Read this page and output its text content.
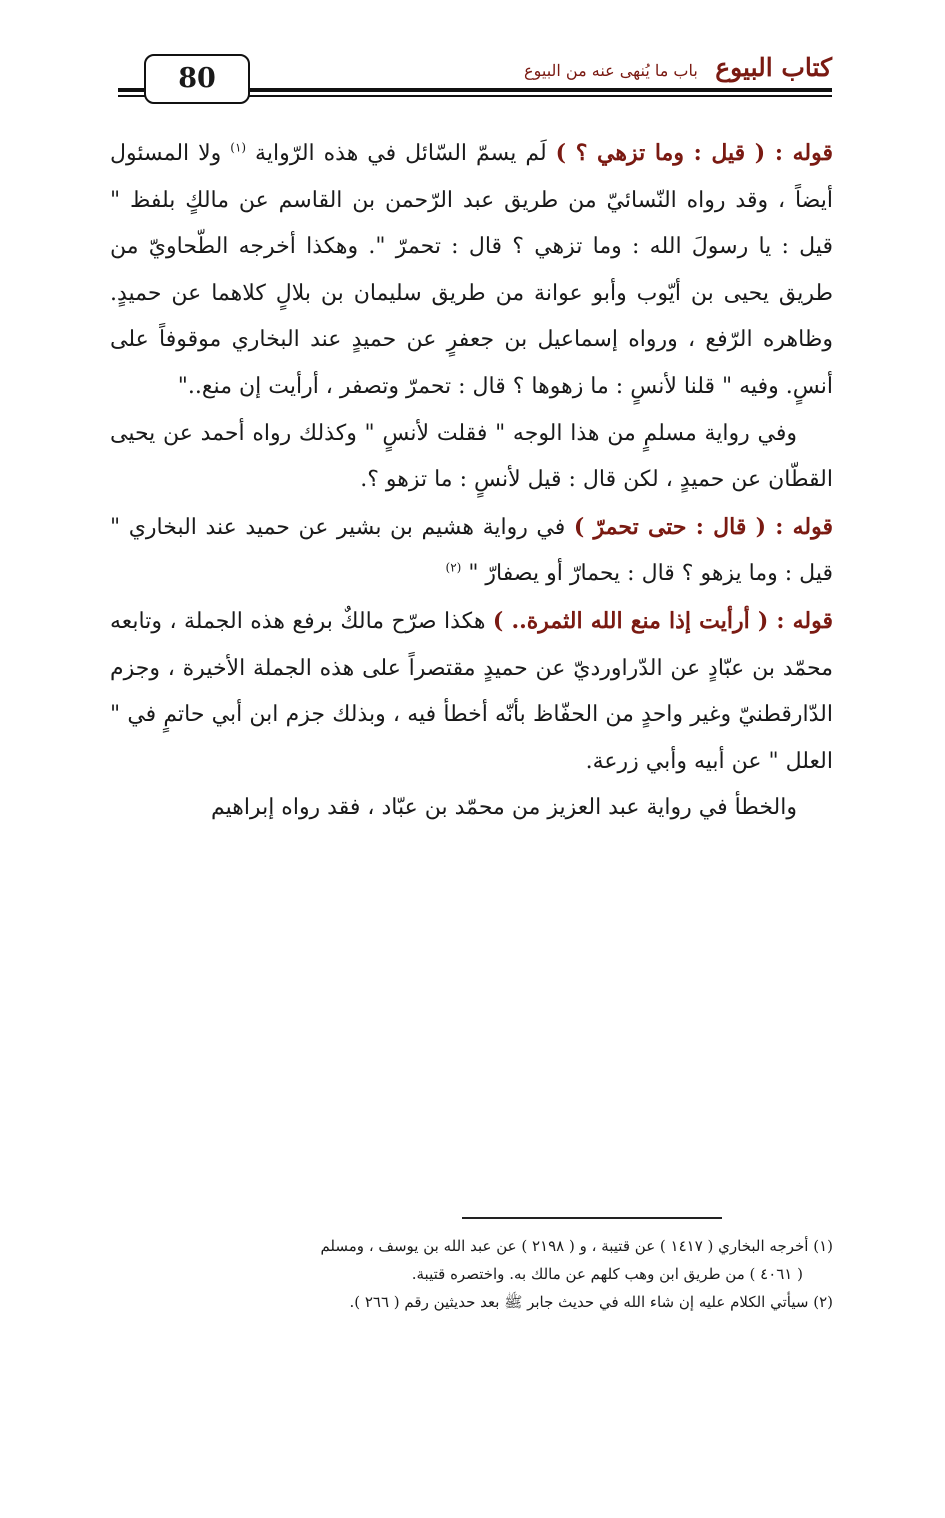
80	كتاب البيوع باب ما يُنهى عنه من البيوع

قوله : ( قيل : وما تزهي ؟ ) لَم يسمّ السّائل في هذه الرّواية $^{(١)}$ ولا المسئول أيضاً ، وقد رواه النّسائيّ من طريق عبد الرّحمن بن القاسم عن مالكٍ بلفظ " قيل : يا رسولَ الله : وما تزهي ؟ قال : تحمرّ ". وهكذا أخرجه الطّحاويّ من طريق يحيى بن أيّوب وأبو عوانة من طريق سليمان بن بلالٍ كلاهما عن حميدٍ. وظاهره الرّفع ، ورواه إسماعيل بن جعفرٍ عن حميدٍ عند البخاري موقوفاً على أنسٍ. وفيه " قلنا لأنسٍ : ما زهوها ؟ قال : تحمرّ وتصفر ، أرأيت إن منع.."

وفي رواية مسلمٍ من هذا الوجه " فقلت لأنسٍ " وكذلك رواه أحمد عن يحيى القطّان عن حميدٍ ، لكن قال : قيل لأنسٍ : ما تزهو ؟.

قوله : ( قال : حتى تحمرّ ) في رواية هشيم بن بشير عن حميد عند البخاري " قيل : وما يزهو ؟ قال : يحمارّ أو يصفارّ " $^{(٢)}$

قوله : ( أرأيت إذا منع الله الثمرة.. ) هكذا صرّح مالكٌ برفع هذه الجملة ، وتابعه محمّد بن عبّادٍ عن الدّراورديّ عن حميدٍ مقتصراً على هذه الجملة الأخيرة ، وجزم الدّارقطنيّ وغير واحدٍ من الحفّاظ بأنّه أخطأ فيه ، وبذلك جزم ابن أبي حاتمٍ في " العلل " عن أبيه وأبي زرعة.

والخطأ في رواية عبد العزيز من محمّد بن عبّاد ، فقد رواه إبراهيم

(١) أخرجه البخاري ( ١٤١٧ ) عن قتيبة ، و ( ٢١٩٨ ) عن عبد الله بن يوسف ، ومسلم

( ٤٠٦١ ) من طريق ابن وهب كلهم عن مالك به. واختصره قتيبة.

(٢) سيأتي الكلام عليه إن شاء الله في حديث جابر ﷺ بعد حديثين رقم ( ٢٦٦ ).
